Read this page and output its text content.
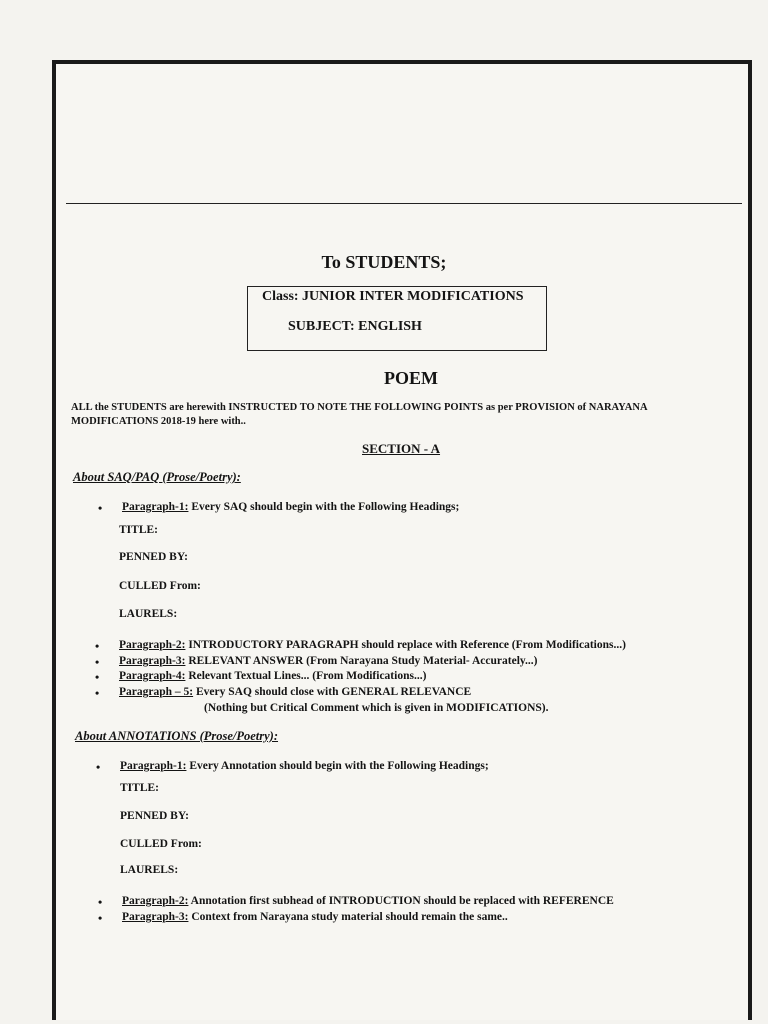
To STUDENTS;
Class: JUNIOR INTER MODIFICATIONS
SUBJECT: ENGLISH
POEM
ALL the STUDENTS are herewith INSTRUCTED TO NOTE THE FOLLOWING POINTS as per PROVISION of NARAYANA MODIFICATIONS 2018-19 here with..
SECTION - A
About SAQ/PAQ (Prose/Poetry):
• Paragraph-1: Every SAQ should begin with the Following Headings;
TITLE:
PENNED BY:
CULLED From:
LAURELS:
• Paragraph-2: INTRODUCTORY PARAGRAPH should replace with Reference (From Modifications...)
• Paragraph-3: RELEVANT ANSWER (From Narayana Study Material- Accurately...)
• Paragraph-4: Relevant Textual Lines... (From Modifications...)
• Paragraph – 5: Every SAQ should close with GENERAL RELEVANCE
(Nothing but Critical Comment which is given in MODIFICATIONS).
About ANNOTATIONS (Prose/Poetry):
• Paragraph-1: Every Annotation should begin with the Following Headings;
TITLE:
PENNED BY:
CULLED From:
LAURELS:
• Paragraph-2: Annotation first subhead of INTRODUCTION should be replaced with REFERENCE
• Paragraph-3: Context from Narayana study material should remain the same..
